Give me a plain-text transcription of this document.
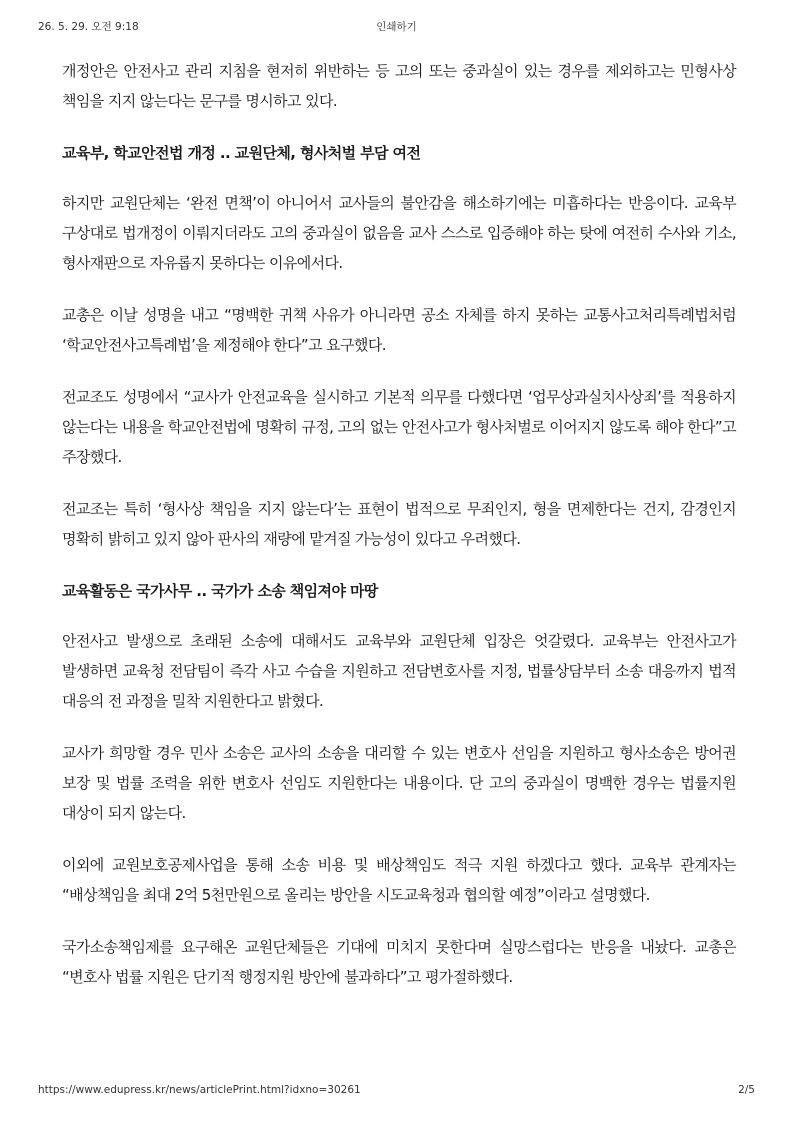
26. 5. 29. 오전 9:18	인쇄하기

개정안은 안전사고 관리 지침을 현저히 위반하는 등 고의 또는 중과실이 있는 경우를 제외하고는 민형사상 책임을 지지 않는다는 문구를 명시하고 있다.

교육부, 학교안전법 개정 .. 교원단체, 형사처벌 부담 여전

하지만 교원단체는 ‘완전 면책’이 아니어서 교사들의 불안감을 해소하기에는 미흡하다는 반응이다. 교육부 구상대로 법개정이 이뤄지더라도 고의 중과실이 없음을 교사 스스로 입증해야 하는 탓에 여전히 수사와 기소, 형사재판으로 자유롭지 못하다는 이유에서다.

교총은 이날 성명을 내고 “명백한 귀책 사유가 아니라면 공소 자체를 하지 못하는 교통사고처리특례법처럼 ‘학교안전사고특례법’을 제정해야 한다”고 요구했다.

전교조도 성명에서 “교사가 안전교육을 실시하고 기본적 의무를 다했다면 ‘업무상과실치사상죄’를 적용하지 않는다는 내용을 학교안전법에 명확히 규정, 고의 없는 안전사고가 형사처벌로 이어지지 않도록 해야 한다”고 주장했다.

전교조는 특히 ‘형사상 책임을 지지 않는다’는 표현이 법적으로 무죄인지, 형을 면제한다는 건지, 감경인지 명확히 밝히고 있지 않아 판사의 재량에 맡겨질 가능성이 있다고 우려했다.

교육활동은 국가사무 .. 국가가 소송 책임져야 마땅

안전사고 발생으로 초래된 소송에 대해서도 교육부와 교원단체 입장은 엇갈렸다. 교육부는 안전사고가 발생하면 교육청 전담팀이 즉각 사고 수습을 지원하고 전담변호사를 지정, 법률상담부터 소송 대응까지 법적 대응의 전 과정을 밀착 지원한다고 밝혔다.

교사가 희망할 경우 민사 소송은 교사의 소송을 대리할 수 있는 변호사 선임을 지원하고 형사소송은 방어권 보장 및 법률 조력을 위한 변호사 선임도 지원한다는 내용이다. 단 고의 중과실이 명백한 경우는 법률지원 대상이 되지 않는다.

이외에 교원보호공제사업을 통해 소송 비용 및 배상책임도 적극 지원 하겠다고 했다. 교육부 관계자는 “배상책임을 최대 2억 5천만원으로 올리는 방안을 시도교육청과 협의할 예정”이라고 설명했다.

국가소송책임제를 요구해온 교원단체들은 기대에 미치지 못한다며 실망스럽다는 반응을 내놨다. 교총은 “변호사 법률 지원은 단기적 행정지원 방안에 불과하다”고 평가절하했다.

https://www.edupress.kr/news/articlePrint.html?idxno=30261	2/5
